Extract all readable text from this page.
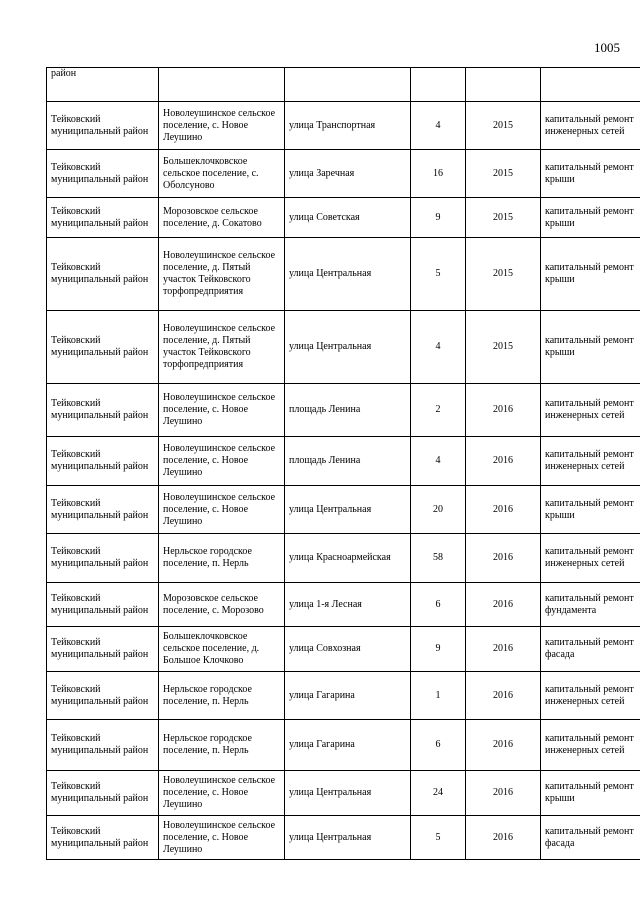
1005
район					
Тейковский муниципальный район	Новолеушинское сельское поселение, с. Новое Леушино	улица Транспортная	4	2015	капитальный ремонт инженерных сетей
Тейковский муниципальный район	Большеклочковское сельское поселение, с. Оболсуново	улица Заречная	16	2015	капитальный ремонт крыши
Тейковский муниципальный район	Морозовское сельское поселение, д. Сокатово	улица Советская	9	2015	капитальный ремонт крыши
Тейковский муниципальный район	Новолеушинское сельское поселение, д. Пятый участок Тейковского торфопредприятия	улица Центральная	5	2015	капитальный ремонт крыши
Тейковский муниципальный район	Новолеушинское сельское поселение, д. Пятый участок Тейковского торфопредприятия	улица Центральная	4	2015	капитальный ремонт крыши
Тейковский муниципальный район	Новолеушинское сельское поселение, с. Новое Леушино	площадь Ленина	2	2016	капитальный ремонт инженерных сетей
Тейковский муниципальный район	Новолеушинское сельское поселение, с. Новое Леушино	площадь Ленина	4	2016	капитальный ремонт инженерных сетей
Тейковский муниципальный район	Новолеушинское сельское поселение, с. Новое Леушино	улица Центральная	20	2016	капитальный ремонт крыши
Тейковский муниципальный район	Нерльское городское поселение, п. Нерль	улица Красноармейская	58	2016	капитальный ремонт инженерных сетей
Тейковский муниципальный район	Морозовское сельское поселение, с. Морозово	улица 1-я Лесная	6	2016	капитальный ремонт фундамента
Тейковский муниципальный район	Большеклочковское сельское поселение, д. Большое Клочково	улица Совхозная	9	2016	капитальный ремонт фасада
Тейковский муниципальный район	Нерльское городское поселение, п. Нерль	улица Гагарина	1	2016	капитальный ремонт инженерных сетей
Тейковский муниципальный район	Нерльское городское поселение, п. Нерль	улица Гагарина	6	2016	капитальный ремонт инженерных сетей
Тейковский муниципальный район	Новолеушинское сельское поселение, с. Новое Леушино	улица Центральная	24	2016	капитальный ремонт крыши
Тейковский муниципальный район	Новолеушинское сельское поселение, с. Новое Леушино	улица Центральная	5	2016	капитальный ремонт фасада
